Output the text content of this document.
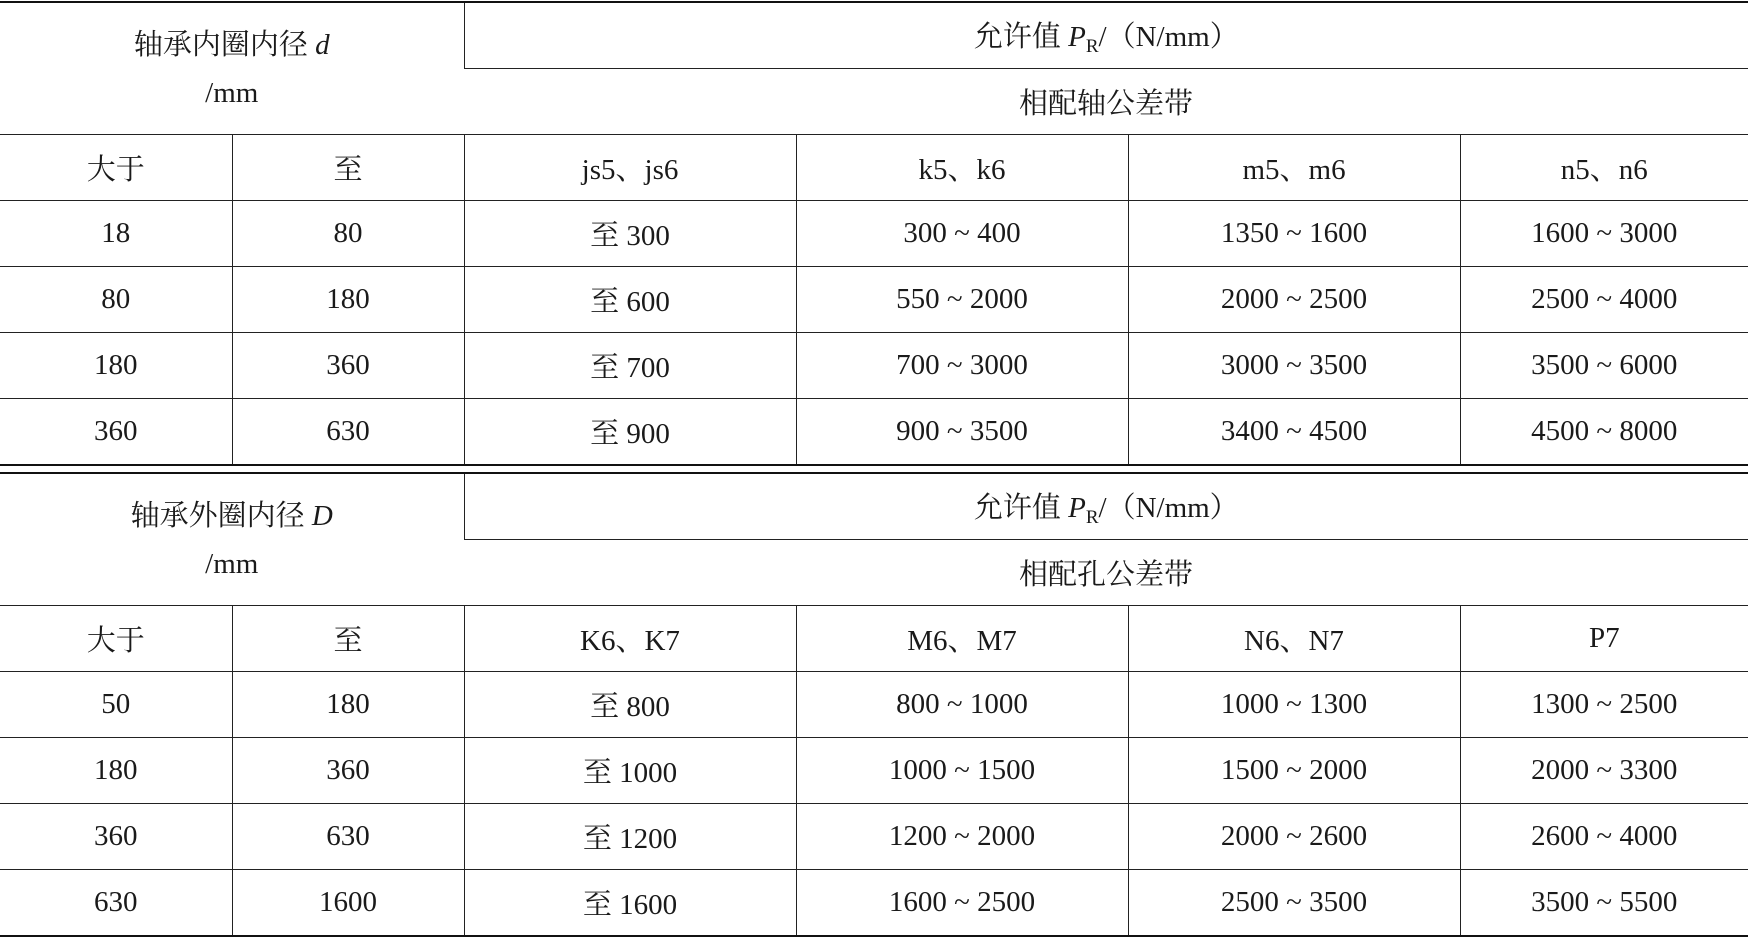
轴承内圈内径 d
/mm		允许值 $P_R/(N/mm)$			
		相配轴公差带			
大于	至	js5、js6	k5、k6	m5、m6	n5、n6
18	80	至 300	300 ~ 400	1350 ~ 1600	1600 ~ 3000
80	180	至 600	550 ~ 2000	2000 ~ 2500	2500 ~ 4000
180	360	至 700	700 ~ 3000	3000 ~ 3500	3500 ~ 6000
360	630	至 900	900 ~ 3500	3400 ~ 4500	4500 ~ 8000
轴承外圈内径 D
/mm		允许值 $P_R/(N/mm)$			
		相配孔公差带			
大于	至	K6、K7	M6、M7	N6、N7	P7
50	180	至 800	800 ~ 1000	1000 ~ 1300	1300 ~ 2500
180	360	至 1000	1000 ~ 1500	1500 ~ 2000	2000 ~ 3300
360	630	至 1200	1200 ~ 2000	2000 ~ 2600	2600 ~ 4000
630	1600	至 1600	1600 ~ 2500	2500 ~ 3500	3500 ~ 5500
